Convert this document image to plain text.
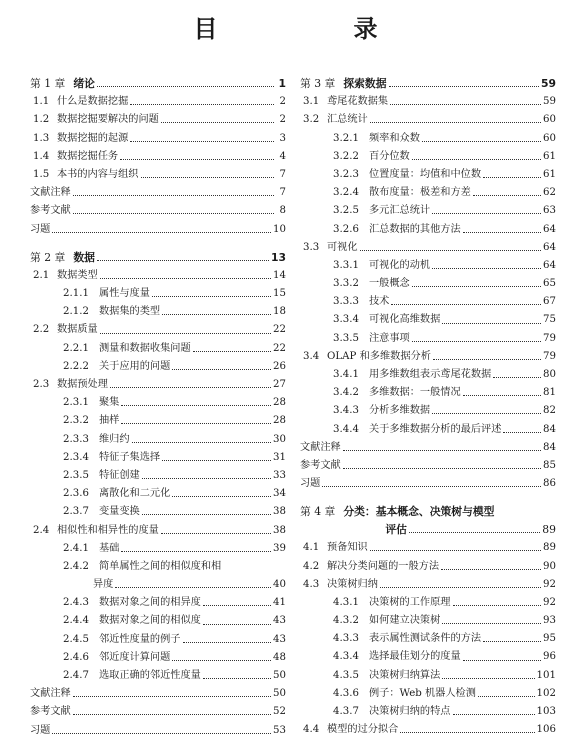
目　录
第 1 章 绪论	1
1.1 什么是数据挖掘	2
1.2 数据挖掘要解决的问题	2
1.3 数据挖掘的起源	3
1.4 数据挖掘任务	4
1.5 本书的内容与组织	7
文献注释	7
参考文献	8
习题	10
第 2 章 数据	13
2.1 数据类型	14
2.1.1 属性与度量	15
2.1.2 数据集的类型	18
2.2 数据质量	22
2.2.1 测量和数据收集问题	22
2.2.2 关于应用的问题	26
2.3 数据预处理	27
2.3.1 聚集	28
2.3.2 抽样	28
2.3.3 维归约	30
2.3.4 特征子集选择	31
2.3.5 特征创建	33
2.3.6 离散化和二元化	34
2.3.7 变量变换	38
2.4 相似性和相异性的度量	38
2.4.1 基础	39
2.4.2 简单属性之间的相似度和相
异度	40
2.4.3 数据对象之间的相异度	41
2.4.4 数据对象之间的相似度	43
2.4.5 邻近性度量的例子	43
2.4.6 邻近度计算问题	48
2.4.7 选取正确的邻近性度量	50
文献注释	50
参考文献	52
习题	53
第 3 章 探索数据	59
3.1 鸢尾花数据集	59
3.2 汇总统计	60
3.2.1 频率和众数	60
3.2.2 百分位数	61
3.2.3 位置度量：均值和中位数	61
3.2.4 散布度量：极差和方差	62
3.2.5 多元汇总统计	63
3.2.6 汇总数据的其他方法	64
3.3 可视化	64
3.3.1 可视化的动机	64
3.3.2 一般概念	65
3.3.3 技术	67
3.3.4 可视化高维数据	75
3.3.5 注意事项	79
3.4 OLAP 和多维数据分析	79
3.4.1 用多维数组表示鸢尾花数据	80
3.4.2 多维数据：一般情况	81
3.4.3 分析多维数据	82
3.4.4 关于多维数据分析的最后评述	84
文献注释	84
参考文献	85
习题	86
第 4 章 分类：基本概念、决策树与模型
评估	89
4.1 预备知识	89
4.2 解决分类问题的一般方法	90
4.3 决策树归纳	92
4.3.1 决策树的工作原理	92
4.3.2 如何建立决策树	93
4.3.3 表示属性测试条件的方法	95
4.3.4 选择最佳划分的度量	96
4.3.5 决策树归纳算法	101
4.3.6 例子：Web 机器人检测	102
4.3.7 决策树归纳的特点	103
4.4 模型的过分拟合	106
